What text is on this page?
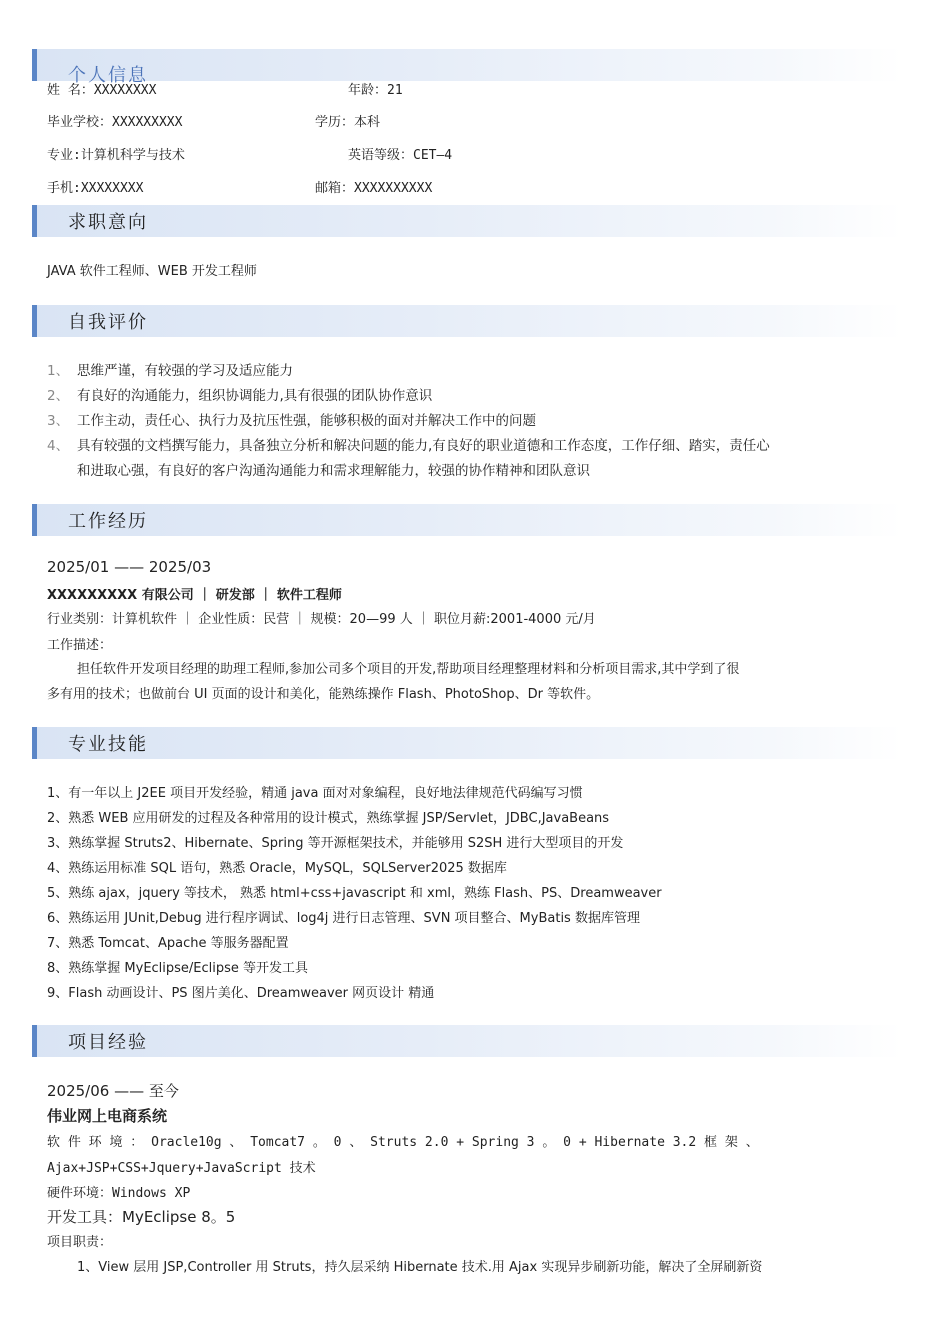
个人信息
姓 名：XXXXXXXX	年龄：21
毕业学校：XXXXXXXXX	学历：本科
专业:计算机科学与技术	英语等级：CET—4
手机:XXXXXXXX	邮箱：XXXXXXXXXX
求职意向
JAVA 软件工程师、WEB 开发工程师
自我评价
1、 思维严谨，有较强的学习及适应能力
2、 有良好的沟通能力，组织协调能力,具有很强的团队协作意识
3、 工作主动，责任心、执行力及抗压性强，能够积极的面对并解决工作中的问题
4、 具有较强的文档撰写能力，具备独立分析和解决问题的能力,有良好的职业道德和工作态度，工作仔细、踏实，责任心
和进取心强，有良好的客户沟通沟通能力和需求理解能力，较强的协作精神和团队意识
工作经历
2025/01 —— 2025/03
XXXXXXXXX 有限公司 ｜ 研发部 ｜ 软件工程师
行业类别：计算机软件 ｜ 企业性质：民营 ｜ 规模：20—99 人 ｜ 职位月薪:2001-4000 元/月
工作描述：
担任软件开发项目经理的助理工程师,参加公司多个项目的开发,帮助项目经理整理材料和分析项目需求,其中学到了很
多有用的技术；也做前台 UI 页面的设计和美化，能熟练操作 Flash、PhotoShop、Dr 等软件。
专业技能
1、有一年以上 J2EE 项目开发经验，精通 java 面对对象编程，良好地法律规范代码编写习惯
2、熟悉 WEB 应用研发的过程及各种常用的设计模式，熟练掌握 JSP/Servlet，JDBC,JavaBeans
3、熟练掌握 Struts2、Hibernate、Spring 等开源框架技术，并能够用 S2SH 进行大型项目的开发
4、熟练运用标准 SQL 语句，熟悉 Oracle，MySQL，SQLServer2025 数据库
5、熟练 ajax，jquery 等技术， 熟悉 html+css+javascript 和 xml，熟练 Flash、PS、Dreamweaver
6、熟练运用 JUnit,Debug 进行程序调试、log4j 进行日志管理、SVN 项目整合、MyBatis 数据库管理
7、熟悉 Tomcat、Apache 等服务器配置
8、熟练掌握 MyEclipse/Eclipse 等开发工具
9、Flash 动画设计、PS 图片美化、Dreamweaver 网页设计 精通
项目经验
2025/06 —— 至今
伟业网上电商系统
软 件 环 境 ： Oracle10g 、 Tomcat7 。 0 、 Struts 2.0 + Spring 3 。 0 + Hibernate 3.2 框 架 、
Ajax+JSP+CSS+Jquery+JavaScript 技术
硬件环境：Windows XP
开发工具：MyEclipse 8。5
项目职责：
1、View 层用 JSP,Controller 用 Struts，持久层采纳 Hibernate 技术.用 Ajax 实现异步刷新功能，解决了全屏刷新资
